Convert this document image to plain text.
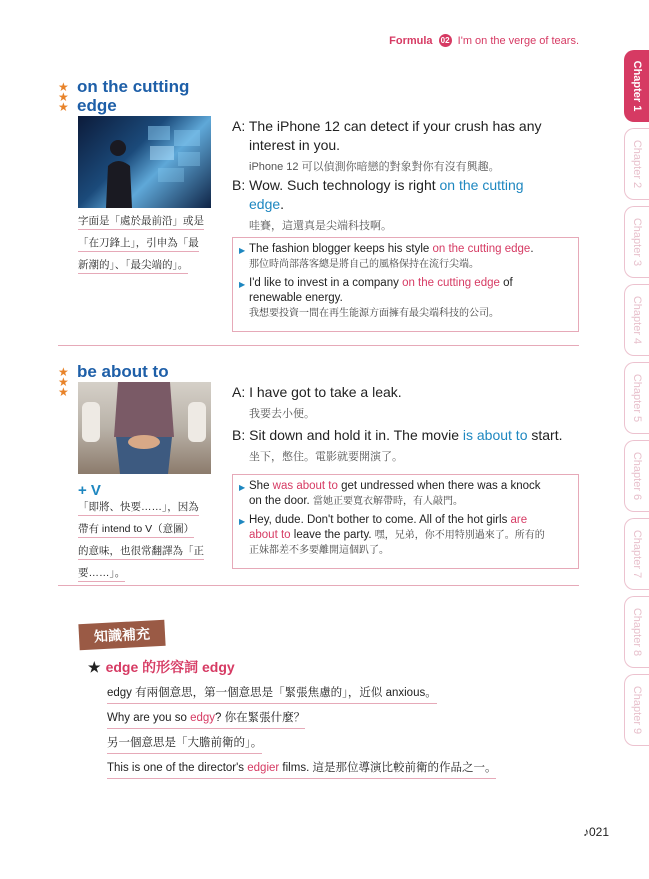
Formula 02 I'm on the verge of tears.
Chapter 1
Chapter 2
Chapter 3
Chapter 4
Chapter 5
Chapter 6
Chapter 7
Chapter 8
Chapter 9
★
★
★
on the cutting
edge
字面是「處於最前沿」或是
「在刀鋒上」，引申為「最
新潮的」、「最尖端的」。
A: The iPhone 12 can detect if your crush has any
interest in you.
iPhone 12 可以偵測你暗戀的對象對你有沒有興趣。
B: Wow. Such technology is right on the cutting
edge.
哇賽，這還真是尖端科技啊。
▶ The fashion blogger keeps his style on the cutting edge.
那位時尚部落客總是將自己的風格保持在流行尖端。
▶ I'd like to invest in a company on the cutting edge of
renewable energy.
我想要投資一間在再生能源方面擁有最尖端科技的公司。
★
★
★
be about to
+ V
「即將、快要……」，因為
帶有 intend to V（意圖）
的意味，也很常翻譯為「正
要……」。
A: I have got to take a leak.
我要去小便。
B: Sit down and hold it in. The movie is about to start.
坐下，憋住。電影就要開演了。
▶ She was about to get undressed when there was a knock
on the door. 當她正要寬衣解帶時，有人敲門。
▶ Hey, dude. Don't bother to come. All of the hot girls are
about to leave the party. 嘿，兄弟，你不用特別過來了。所有的
正妹都差不多要離開這個趴了。
知識補充
★ edge 的形容詞 edgy
edgy 有兩個意思，第一個意思是「緊張焦慮的」，近似 anxious。
Why are you so edgy? 你在緊張什麼？
另一個意思是「大膽前衛的」。
This is one of the director's edgier films. 這是那位導演比較前衛的作品之一。
♪021
